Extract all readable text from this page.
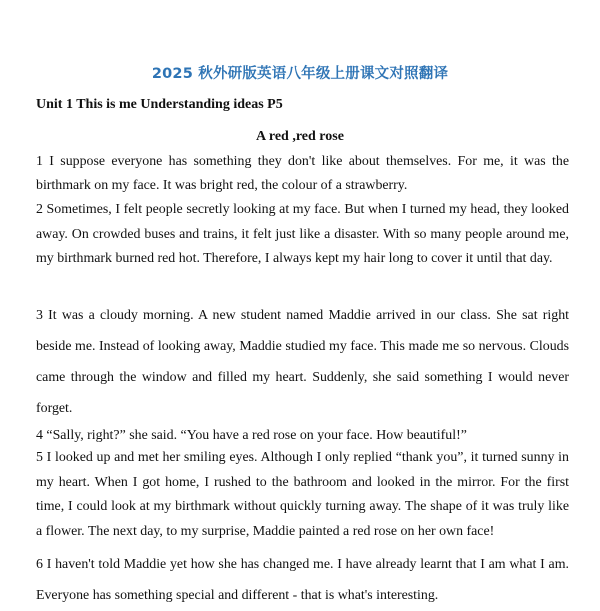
2025 秋外研版英语八年级上册课文对照翻译
Unit 1 This is me Understanding ideas P5
A red ,red rose

1 I suppose everyone has something they don't like about themselves. For me, it was the birthmark on my face. It was bright red, the colour of a strawberry.

2 Sometimes, I felt people secretly looking at my face. But when I turned my head, they looked away. On crowded buses and trains, it felt just like a disaster. With so many people around me, my birthmark burned red hot. Therefore, I always kept my hair long to cover it until that day.

3 It was a cloudy morning. A new student named Maddie arrived in our class. She sat right beside me. Instead of looking away, Maddie studied my face. This made me so nervous. Clouds came through the window and filled my heart. Suddenly, she said something I would never forget.

4 “Sally, right?” she said. “You have a red rose on your face. How beautiful!”

5 I looked up and met her smiling eyes. Although I only replied “thank you”, it turned sunny in my heart. When I got home, I rushed to the bathroom and looked in the mirror. For the first time, I could look at my birthmark without quickly turning away. The shape of it was truly like a flower. The next day, to my surprise, Maddie painted a red rose on her own face!

6 I haven't told Maddie yet how she has changed me. I have already learnt that I am what I am. Everyone has something special and different - that is what's interesting.
